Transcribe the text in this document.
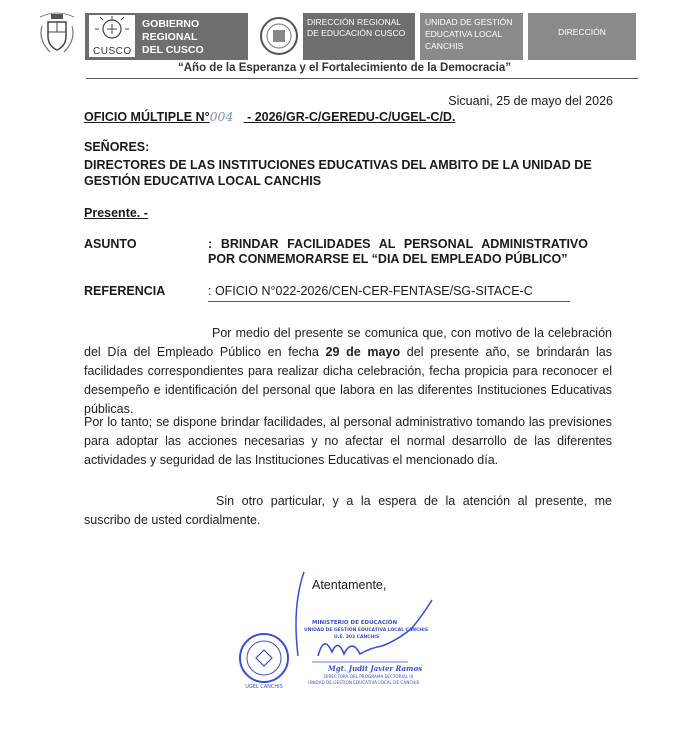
CUSCO
GOBIERNO REGIONAL
DEL CUSCO
DIRECCIÓN REGIONAL
DE EDUCACIÓN CUSCO
UNIDAD DE GESTIÓN
EDUCATIVA LOCAL
CANCHIS
DIRECCIÓN
“Año de la Esperanza y el Fortalecimiento de la Democracia”
Sicuani, 25 de mayo del 2026
OFICIO MÚLTIPLE N°004 - 2026/GR-C/GEREDU-C/UGEL-C/D.
SEÑORES:
DIRECTORES DE LAS INSTITUCIONES EDUCATIVAS DEL AMBITO DE LA UNIDAD DE GESTIÓN EDUCATIVA LOCAL CANCHIS
Presente. -
ASUNTO	: BRINDAR FACILIDADES AL PERSONAL ADMINISTRATIVO POR CONMEMORARSE EL “DIA DEL EMPLEADO PÚBLICO”
REFERENCIA	: OFICIO N°022-2026/CEN-CER-FENTASE/SG-SITACE-C
Por medio del presente se comunica que, con motivo de la celebración del Día del Empleado Público en fecha 29 de mayo del presente año, se brindarán las facilidades correspondientes para realizar dicha celebración, fecha propicia para reconocer el desempeño e identificación del personal que labora en las diferentes Instituciones Educativas públicas.
Por lo tanto; se dispone brindar facilidades, al personal administrativo tomando las previsiones para adoptar las acciones necesarias y no afectar el normal desarrollo de las diferentes actividades y seguridad de las Instituciones Educativas el mencionado día.
Sin otro particular, y a la espera de la atención al presente, me suscribo de usted cordialmente.
UGEL CANCHIS
MINISTERIO DE EDUCACIÓN
UNIDAD DE GESTIÓN EDUCATIVA LOCAL CANCHIS
U.E. 303 CANCHIS
Mgt. Judit Javier Ramos
DIRECTORA DEL PROGRAMA SECTORIAL III
UNIDAD DE GESTIÓN EDUCATIVA LOCAL DE CANCHIS
Atentamente,
